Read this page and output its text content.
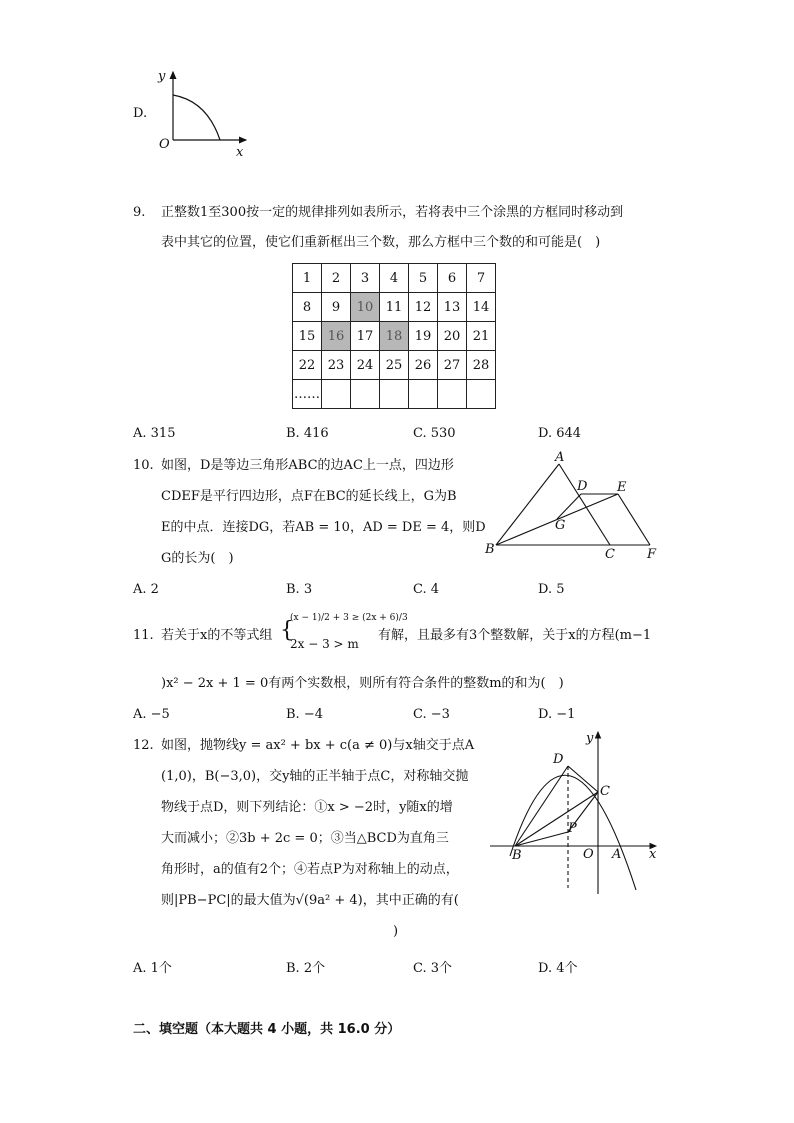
D.
y
x
O
9. 正整数1至300按一定的规律排列如表所示，若将表中三个涂黑的方框同时移动到
表中其它的位置，使它们重新框出三个数，那么方框中三个数的和可能是(　)
1	2	3	4	5	6	7
8	9	10	11	12	13	14
15	16	17	18	19	20	21
22	23	24	25	26	27	28
……						
A. 315	B. 416	C. 530	D. 644
10. 如图，D是等边三角形ABC的边AC上一点，四边形
CDEF是平行四边形，点F在BC的延长线上，G为B
E的中点．连接DG，若AB = 10，AD = DE = 4，则D
G的长为(　)
A
D E
G
B	C F
A. 2	B. 3	C. 4	D. 5
11. 若关于x的不等式组 {
(x − 1)/2 + 3 ≥ (2x + 6)/3
2x − 3 > m
有解，且最多有3个整数解，关于x的方程(m−1
)x² − 2x + 1 = 0有两个实数根，则所有符合条件的整数m的和为(　)
A. −5	B. −4	C. −3	D. −1
12. 如图，抛物线y = ax² + bx + c(a ≠ 0)与x轴交于点A
(1,0)，B(−3,0)，交y轴的正半轴于点C，对称轴交抛
物线于点D，则下列结论：①x > −2时，y随x的增
大而减小；②3b + 2c = 0；③当△BCD为直角三
角形时，a的值有2个；④若点P为对称轴上的动点，
则|PB−PC|的最大值为√(9a² + 4)，其中正确的有(
)
y
x
D
C
P
B	O A
A. 1个	B. 2个	C. 3个	D. 4个
二、填空题（本大题共 4 小题，共 16.0 分）
